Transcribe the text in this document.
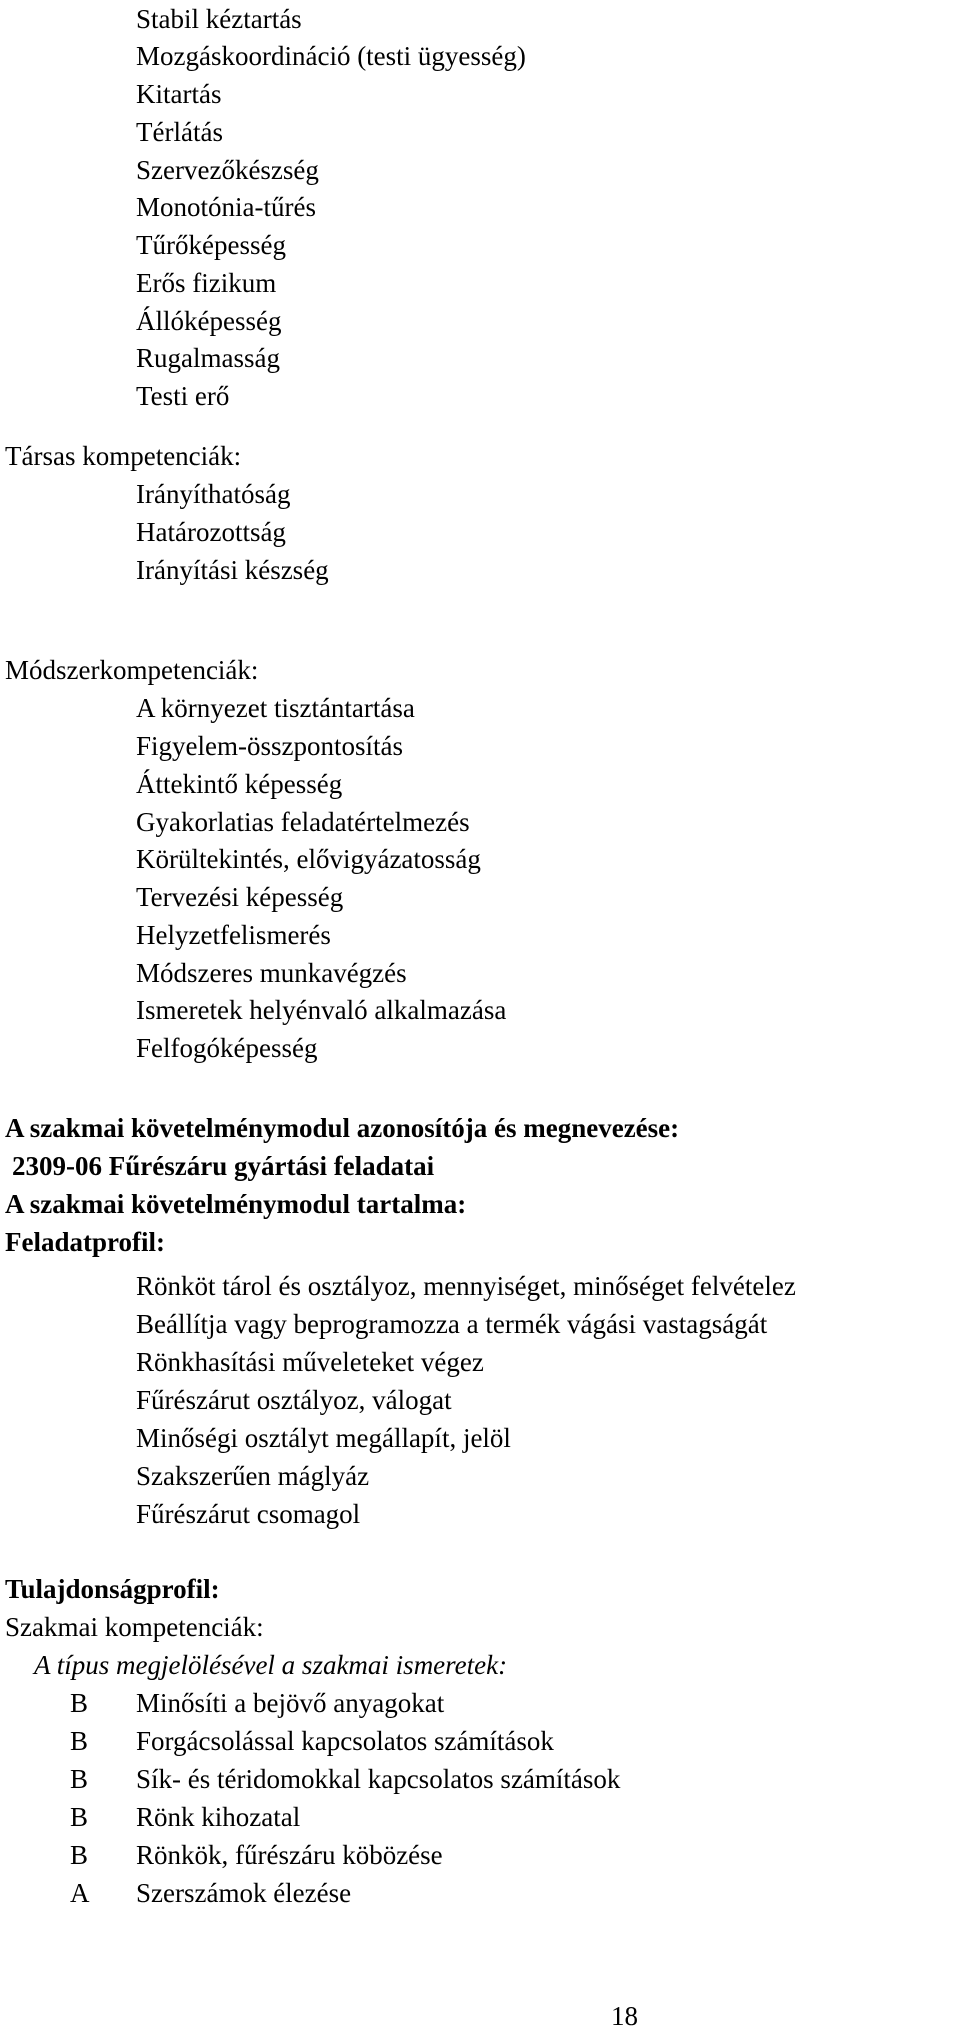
Stabil kéztartás
Mozgáskoordináció (testi ügyesség)
Kitartás
Térlátás
Szervezőkészség
Monotónia-tűrés
Tűrőképesség
Erős fizikum
Állóképesség
Rugalmasság
Testi erő
Társas kompetenciák:
Irányíthatóság
Határozottság
Irányítási készség
Módszerkompetenciák:
A környezet tisztántartása
Figyelem-összpontosítás
Áttekintő képesség
Gyakorlatias feladatértelmezés
Körültekintés, elővigyázatosság
Tervezési képesség
Helyzetfelismerés
Módszeres munkavégzés
Ismeretek helyénvaló alkalmazása
Felfogóképesség
A szakmai követelménymodul azonosítója és megnevezése:
2309-06 Fűrészáru gyártási feladatai
A szakmai követelménymodul tartalma:
Feladatprofil:
Rönköt tárol és osztályoz, mennyiséget, minőséget felvételez
Beállítja vagy beprogramozza a termék vágási vastagságát
Rönkhasítási műveleteket végez
Fűrészárut osztályoz, válogat
Minőségi osztályt megállapít, jelöl
Szakszerűen máglyáz
Fűrészárut csomagol
Tulajdonságprofil:
Szakmai kompetenciák:
A típus megjelölésével a szakmai ismeretek:
B Minősíti a bejövő anyagokat
B Forgácsolással kapcsolatos számítások
B Sík- és téridomokkal kapcsolatos számítások
B Rönk kihozatal
B Rönkök, fűrészáru köbözése
A Szerszámok élezése
18
